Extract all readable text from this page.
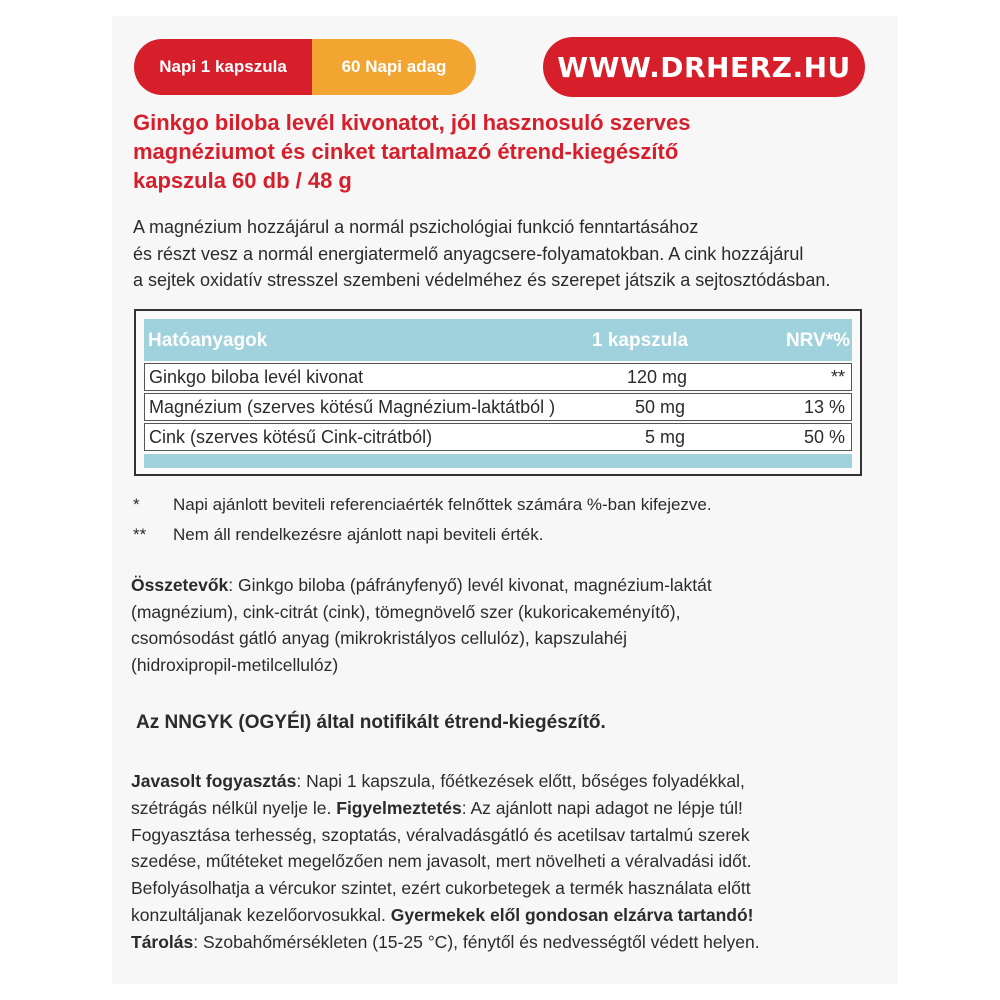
Napi 1 kapszula	60 Napi adag	WWW.DRHERZ.HU
Ginkgo biloba levél kivonatot, jól hasznosuló szerves
magnéziumot és cinket tartalmazó étrend-kiegészítő
kapszula 60 db / 48 g
A magnézium hozzájárul a normál pszichológiai funkció fenntartásához
és részt vesz a normál energiatermelő anyagcsere-folyamatokban. A cink hozzájárul
a sejtek oxidatív stresszel szembeni védelméhez és szerepet játszik a sejtosztódásban.
Hatóanyagok	1 kapszula	NRV*%
Ginkgo biloba levél kivonat	120 mg	**
Magnézium (szerves kötésű Magnézium-laktátból )	50 mg	13 %
Cink (szerves kötésű Cink-citrátból)	5 mg	50 %
* Napi ajánlott beviteli referenciaérték felnőttek számára %-ban kifejezve.
** Nem áll rendelkezésre ajánlott napi beviteli érték.
Összetevők: Ginkgo biloba (páfrányfenyő) levél kivonat, magnézium-laktát
(magnézium), cink-citrát (cink), tömegnövelő szer (kukoricakeményítő),
csomósodást gátló anyag (mikrokristályos cellulóz), kapszulahéj
(hidroxipropil-metilcellulóz)
Az NNGYK (OGYÉI) által notifikált étrend-kiegészítő.
Javasolt fogyasztás: Napi 1 kapszula, főétkezések előtt, bőséges folyadékkal,
szétrágás nélkül nyelje le. Figyelmeztetés: Az ajánlott napi adagot ne lépje túl!
Fogyasztása terhesség, szoptatás, véralvadásgátló és acetilsav tartalmú szerek
szedése, műtéteket megelőzően nem javasolt, mert növelheti a véralvadási időt.
Befolyásolhatja a vércukor szintet, ezért cukorbetegek a termék használata előtt
konzultáljanak kezelőorvosukkal. Gyermekek elől gondosan elzárva tartandó!
Tárolás: Szobahőmérsékleten (15-25 °C), fénytől és nedvességtől védett helyen.
